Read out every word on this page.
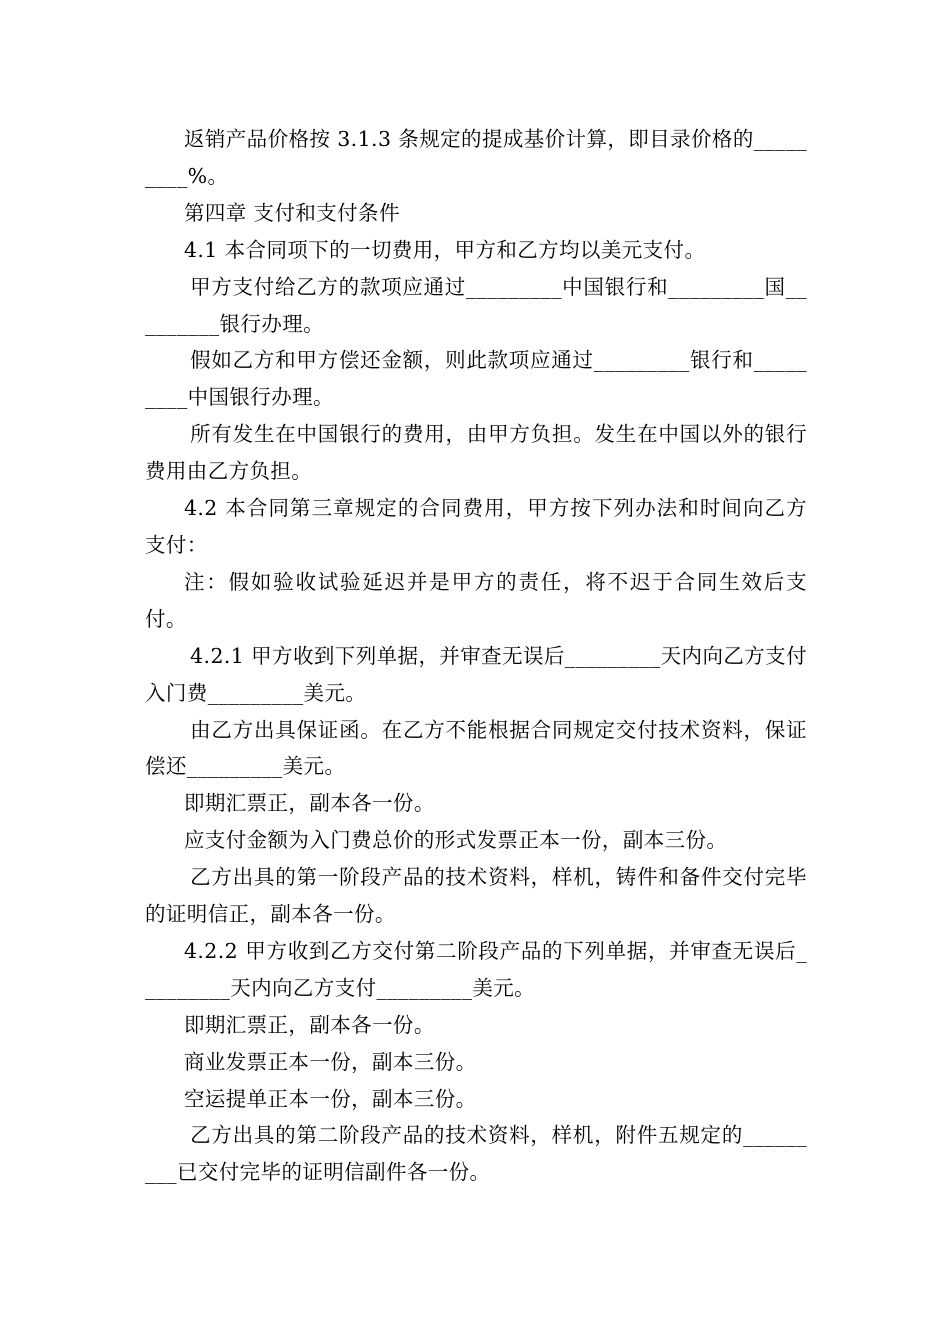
返销产品价格按 3.1.3 条规定的提成基价计算，即目录价格的_________%。

第四章 支付和支付条件

4.1 本合同项下的一切费用，甲方和乙方均以美元支付。

甲方支付给乙方的款项应通过_________中国银行和_________国_________银行办理。

假如乙方和甲方偿还金额，则此款项应通过_________银行和_________中国银行办理。

所有发生在中国银行的费用，由甲方负担。发生在中国以外的银行费用由乙方负担。

4.2 本合同第三章规定的合同费用，甲方按下列办法和时间向乙方支付：

注：假如验收试验延迟并是甲方的责任，将不迟于合同生效后支付。

4.2.1 甲方收到下列单据，并审查无误后_________天内向乙方支付入门费_________美元。

由乙方出具保证函。在乙方不能根据合同规定交付技术资料，保证偿还_________美元。

即期汇票正，副本各一份。

应支付金额为入门费总价的形式发票正本一份，副本三份。

乙方出具的第一阶段产品的技术资料，样机，铸件和备件交付完毕的证明信正，副本各一份。

4.2.2 甲方收到乙方交付第二阶段产品的下列单据，并审查无误后_________天内向乙方支付_________美元。

即期汇票正，副本各一份。

商业发票正本一份，副本三份。

空运提单正本一份，副本三份。

乙方出具的第二阶段产品的技术资料，样机，附件五规定的_________已交付完毕的证明信副件各一份。
